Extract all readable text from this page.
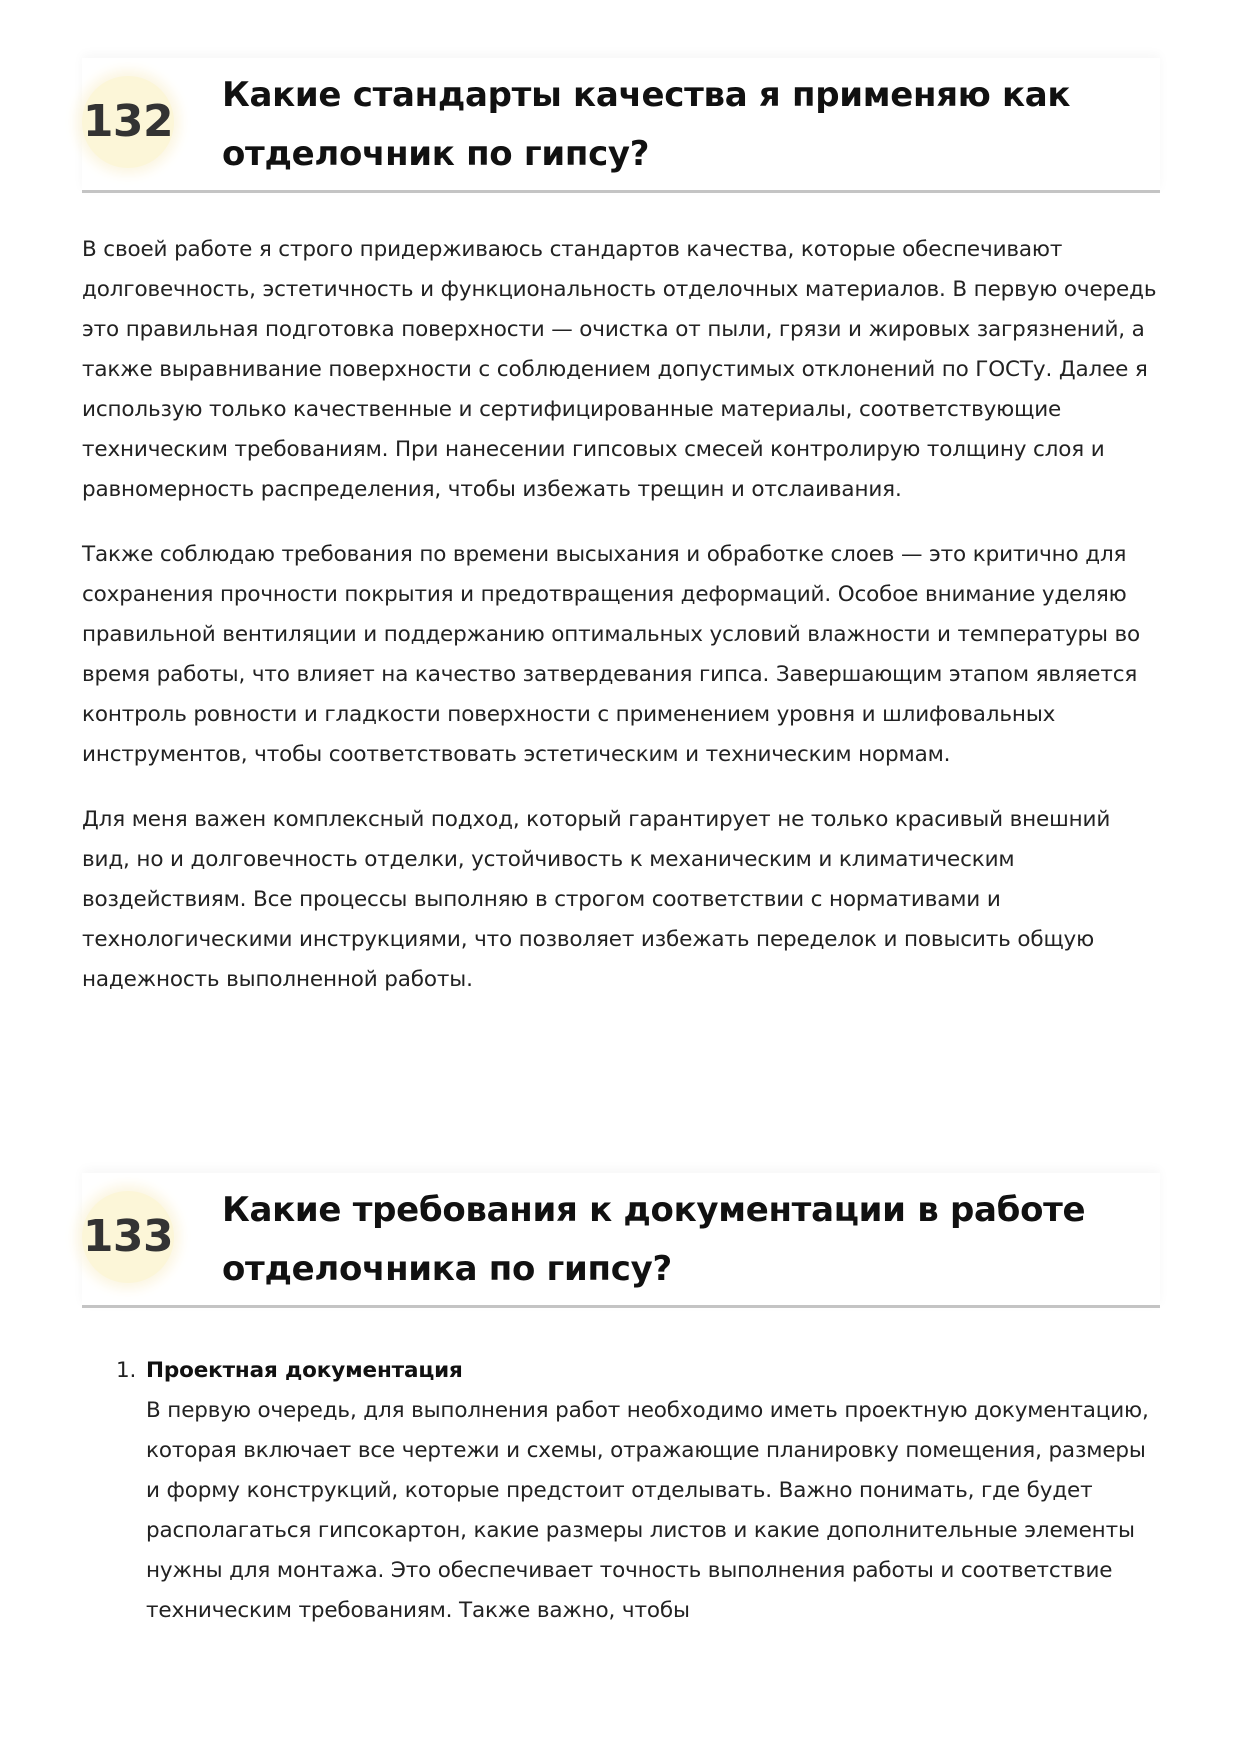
132
Какие стандарты качества я применяю как отделочник по гипсу?

В своей работе я строго придерживаюсь стандартов качества, которые обеспечивают долговечность, эстетичность и функциональность отделочных материалов. В первую очередь это правильная подготовка поверхности — очистка от пыли, грязи и жировых загрязнений, а также выравнивание поверхности с соблюдением допустимых отклонений по ГОСТу. Далее я использую только качественные и сертифицированные материалы, соответствующие техническим требованиям. При нанесении гипсовых смесей контролирую толщину слоя и равномерность распределения, чтобы избежать трещин и отслаивания.

Также соблюдаю требования по времени высыхания и обработке слоев — это критично для сохранения прочности покрытия и предотвращения деформаций. Особое внимание уделяю правильной вентиляции и поддержанию оптимальных условий влажности и температуры во время работы, что влияет на качество затвердевания гипса. Завершающим этапом является контроль ровности и гладкости поверхности с применением уровня и шлифовальных инструментов, чтобы соответствовать эстетическим и техническим нормам.

Для меня важен комплексный подход, который гарантирует не только красивый внешний вид, но и долговечность отделки, устойчивость к механическим и климатическим воздействиям. Все процессы выполняю в строгом соответствии с нормативами и технологическими инструкциями, что позволяет избежать переделок и повысить общую надежность выполненной работы.

133
Какие требования к документации в работе отделочника по гипсу?
1. Проектная документация
В первую очередь, для выполнения работ необходимо иметь проектную документацию, которая включает все чертежи и схемы, отражающие планировку помещения, размеры и форму конструкций, которые предстоит отделывать. Важно понимать, где будет располагаться гипсокартон, какие размеры листов и какие дополнительные элементы нужны для монтажа. Это обеспечивает точность выполнения работы и соответствие техническим требованиям. Также важно, чтобы
